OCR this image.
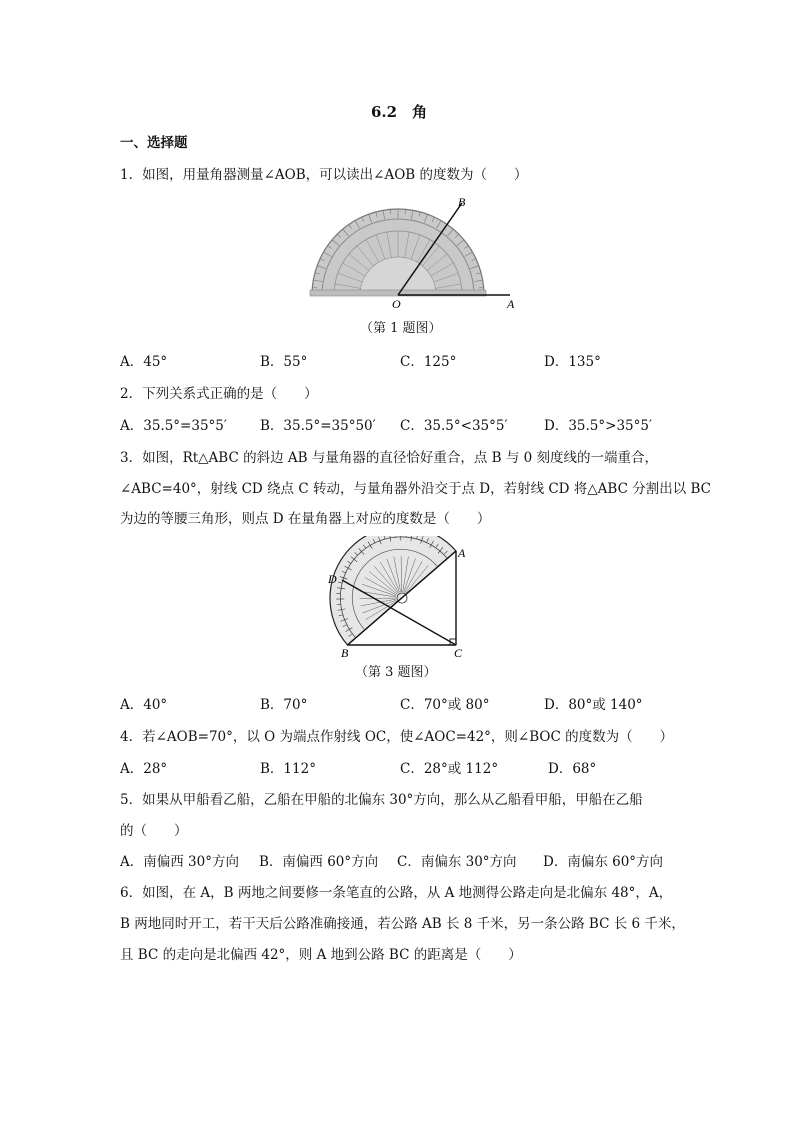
6.2　角
一、选择题
1．如图，用量角器测量∠AOB，可以读出∠AOB 的度数为（　　）
B
O	A
（第 1 题图）
A．45°	B．55°	C．125°	D．135°
2．下列关系式正确的是（　　）
A．35.5°=35°5′ B．35.5°=35°50′ C．35.5°<35°5′	D．35.5°>35°5′
3．如图，Rt△ABC 的斜边 AB 与量角器的直径恰好重合，点 B 与 0 刻度线的一端重合，
∠ABC=40°，射线 CD 绕点 C 转动，与量角器外沿交于点 D，若射线 CD 将△ABC 分割出以 BC
为边的等腰三角形，则点 D 在量角器上对应的度数是（　　）
D
A
B	C
（第 3 题图）
A．40°	B．70°	C．70°或 80°	D．80°或 140°
4．若∠AOB=70°，以 O 为端点作射线 OC，使∠AOC=42°，则∠BOC 的度数为（　　）
A．28°	B．112°	C．28°或 112°	D．68°
5．如果从甲船看乙船，乙船在甲船的北偏东 30°方向，那么从乙船看甲船，甲船在乙船
的（　　）
A．南偏西 30°方向 B．南偏西 60°方向 C．南偏东 30°方向 D．南偏东 60°方向
6．如图，在 A，B 两地之间要修一条笔直的公路，从 A 地测得公路走向是北偏东 48°，A，
B 两地同时开工，若干天后公路准确接通，若公路 AB 长 8 千米，另一条公路 BC 长 6 千米，
且 BC 的走向是北偏西 42°，则 A 地到公路 BC 的距离是（　　）
